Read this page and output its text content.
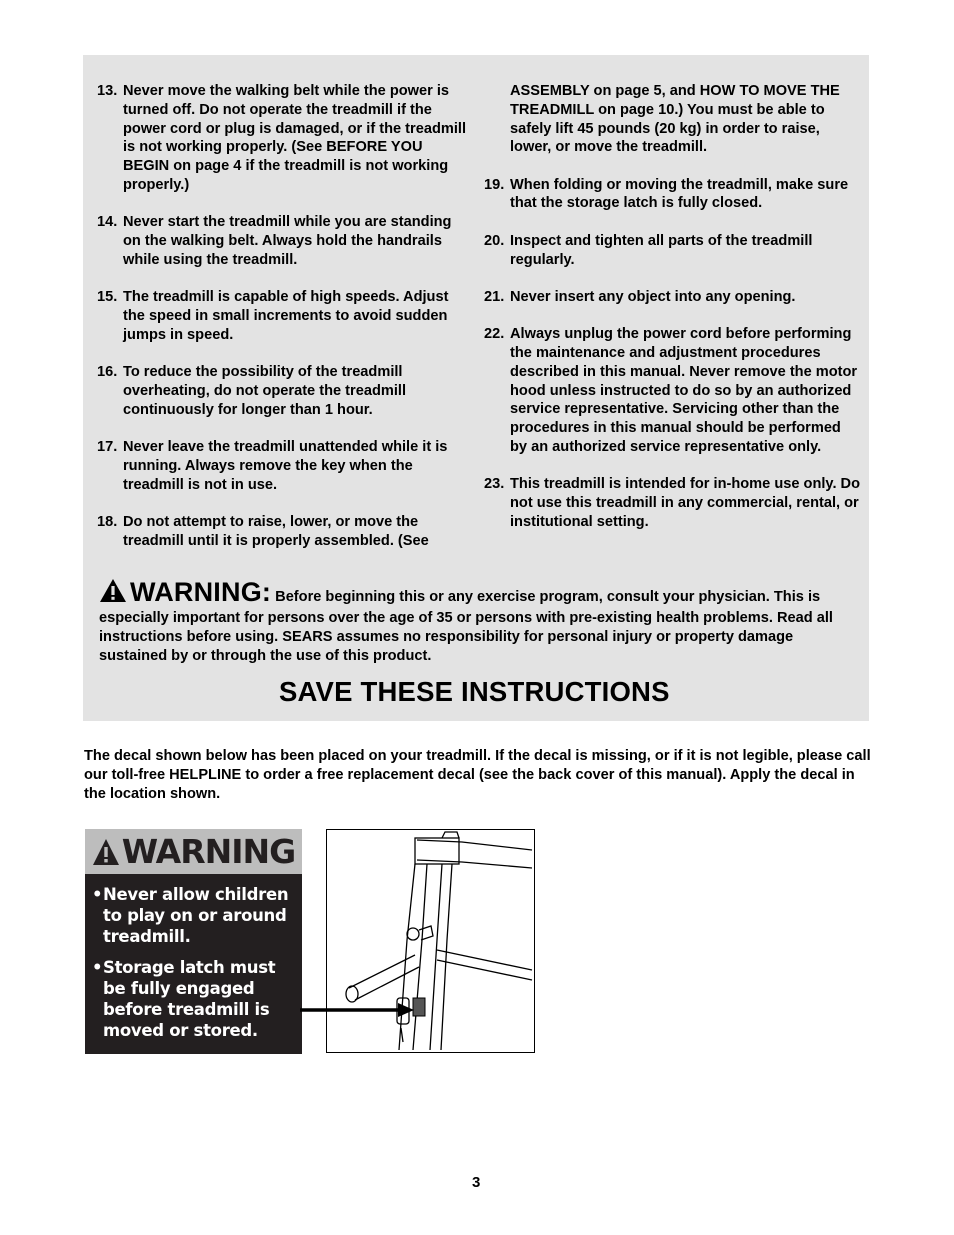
13. Never move the walking belt while the power is turned off. Do not operate the treadmill if the power cord or plug is damaged, or if the treadmill is not working properly. (See BEFORE YOU BEGIN on page 4 if the treadmill is not working properly.)
14. Never start the treadmill while you are standing on the walking belt. Always hold the handrails while using the treadmill.
15. The treadmill is capable of high speeds. Adjust the speed in small increments to avoid sudden jumps in speed.
16. To reduce the possibility of the treadmill overheating, do not operate the treadmill continuously for longer than 1 hour.
17. Never leave the treadmill unattended while it is running. Always remove the key when the treadmill is not in use.
18. Do not attempt to raise, lower, or move the treadmill until it is properly assembled. (See
ASSEMBLY on page 5, and HOW TO MOVE THE TREADMILL on page 10.) You must be able to safely lift 45 pounds (20 kg) in order to raise, lower, or move the treadmill.
19. When folding or moving the treadmill, make sure that the storage latch is fully closed.
20. Inspect and tighten all parts of the treadmill regularly.
21. Never insert any object into any opening.
22. Always unplug the power cord before performing the maintenance and adjustment procedures described in this manual. Never remove the motor hood unless instructed to do so by an authorized service representative. Servicing other than the procedures in this manual should be performed by an authorized service representative only.
23. This treadmill is intended for in-home use only. Do not use this treadmill in any commercial, rental, or institutional setting.
WARNING: Before beginning this or any exercise program, consult your physician. This is especially important for persons over the age of 35 or persons with pre-existing health problems. Read all instructions before using. SEARS assumes no responsibility for personal injury or property damage sustained by or through the use of this product.
SAVE THESE INSTRUCTIONS
The decal shown below has been placed on your treadmill. If the decal is missing, or if it is not legible, please call our toll-free HELPLINE to order a free replacement decal (see the back cover of this manual). Apply the decal in the location shown.
WARNING
• Never allow children to play on or around treadmill.
• Storage latch must be fully engaged before treadmill is moved or stored.
3
